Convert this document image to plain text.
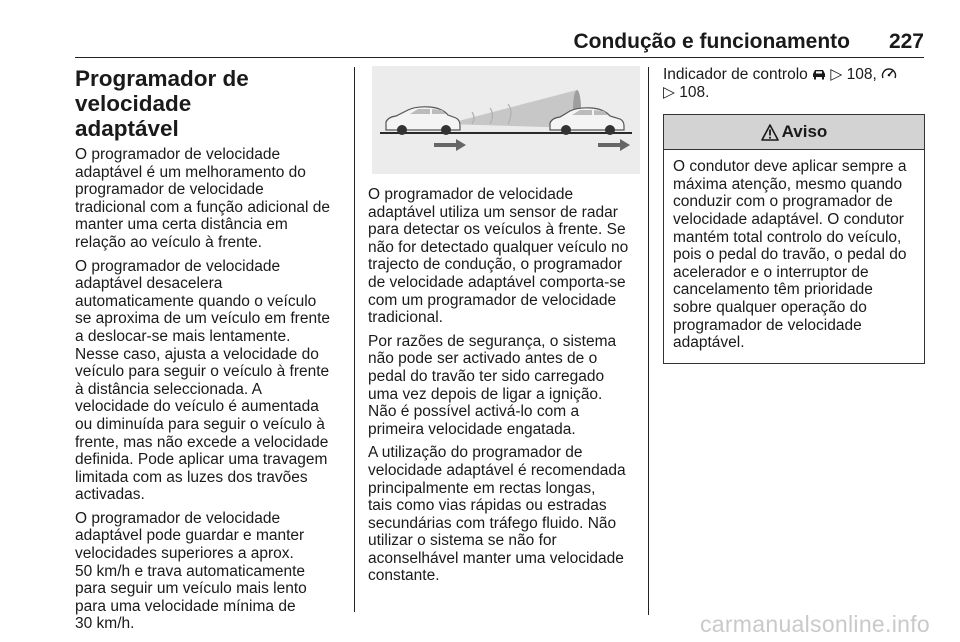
Condução e funcionamento 227
Programador de velocidade
adaptável

O programador de velocidade
adaptável é um melhoramento do
programador de velocidade
tradicional com a função adicional de
manter uma certa distância em
relação ao veículo à frente.

O programador de velocidade
adaptável desacelera
automaticamente quando o veículo
se aproxima de um veículo em frente
a deslocar-se mais lentamente.
Nesse caso, ajusta a velocidade do
veículo para seguir o veículo à frente
à distância seleccionada. A
velocidade do veículo é aumentada
ou diminuída para seguir o veículo à
frente, mas não excede a velocidade
definida. Pode aplicar uma travagem
limitada com as luzes dos travões
activadas.

O programador de velocidade
adaptável pode guardar e manter
velocidades superiores a aprox.
50 km/h e trava automaticamente
para seguir um veículo mais lento
para uma velocidade mínima de
30 km/h.

O programador de velocidade
adaptável utiliza um sensor de radar
para detectar os veículos à frente. Se
não for detectado qualquer veículo no
trajecto de condução, o programador
de velocidade adaptável comporta-se
com um programador de velocidade
tradicional.

Por razões de segurança, o sistema
não pode ser activado antes de o
pedal do travão ter sido carregado
uma vez depois de ligar a ignição.
Não é possível activá-lo com a
primeira velocidade engatada.

A utilização do programador de
velocidade adaptável é recomendada
principalmente em rectas longas,
tais como vias rápidas ou estradas
secundárias com tráfego fluido. Não
utilizar o sistema se não for
aconselhável manter uma velocidade
constante.

Indicador de controlo ▷ 108,
▷ 108.

Aviso

O condutor deve aplicar sempre a
máxima atenção, mesmo quando
conduzir com o programador de
velocidade adaptável. O condutor
mantém total controlo do veículo,
pois o pedal do travão, o pedal do
acelerador e o interruptor de
cancelamento têm prioridade
sobre qualquer operação do
programador de velocidade
adaptável.

carmanualsonline.info
